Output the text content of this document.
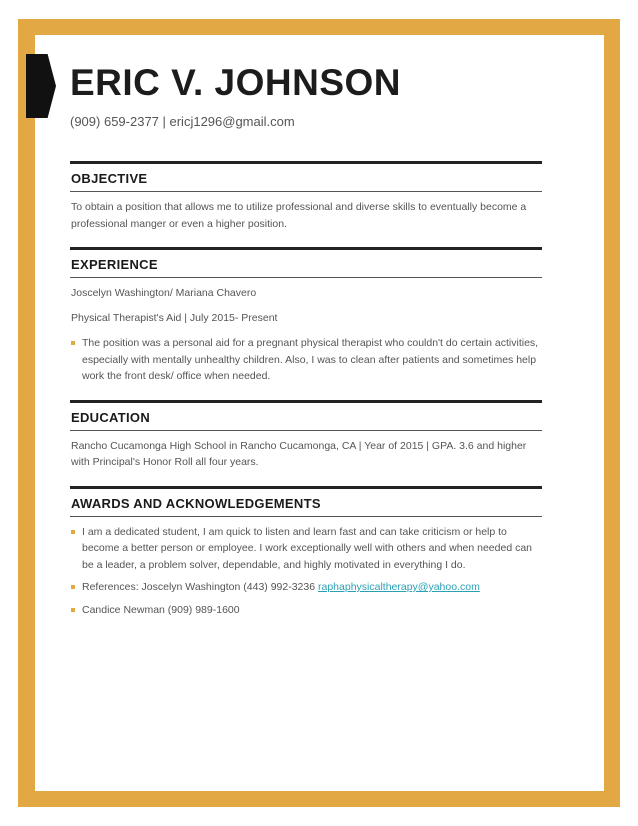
ERIC V. JOHNSON
(909) 659-2377 | ericj1296@gmail.com
OBJECTIVE

To obtain a position that allows me to utilize professional and diverse skills to eventually become a professional manger or even a higher position.

EXPERIENCE

Joscelyn Washington/ Mariana Chavero

Physical Therapist's Aid | July 2015- Present

The position was a personal aid for a pregnant physical therapist who couldn't do certain activities, especially with mentally unhealthy children. Also, I was to clean after patients and sometimes help work the front desk/ office when needed.
EDUCATION

Rancho Cucamonga High School in Rancho Cucamonga, CA | Year of 2015 | GPA. 3.6 and higher with Principal's Honor Roll all four years.

AWARDS AND ACKNOWLEDGEMENTS
I am a dedicated student, I am quick to listen and learn fast and can take criticism or help to become a better person or employee. I work exceptionally well with others and when needed can be a leader, a problem solver, dependable, and highly motivated in everything I do.
References: Joscelyn Washington (443) 992-3236 raphaphysicaltherapy@yahoo.com
Candice Newman (909) 989-1600
